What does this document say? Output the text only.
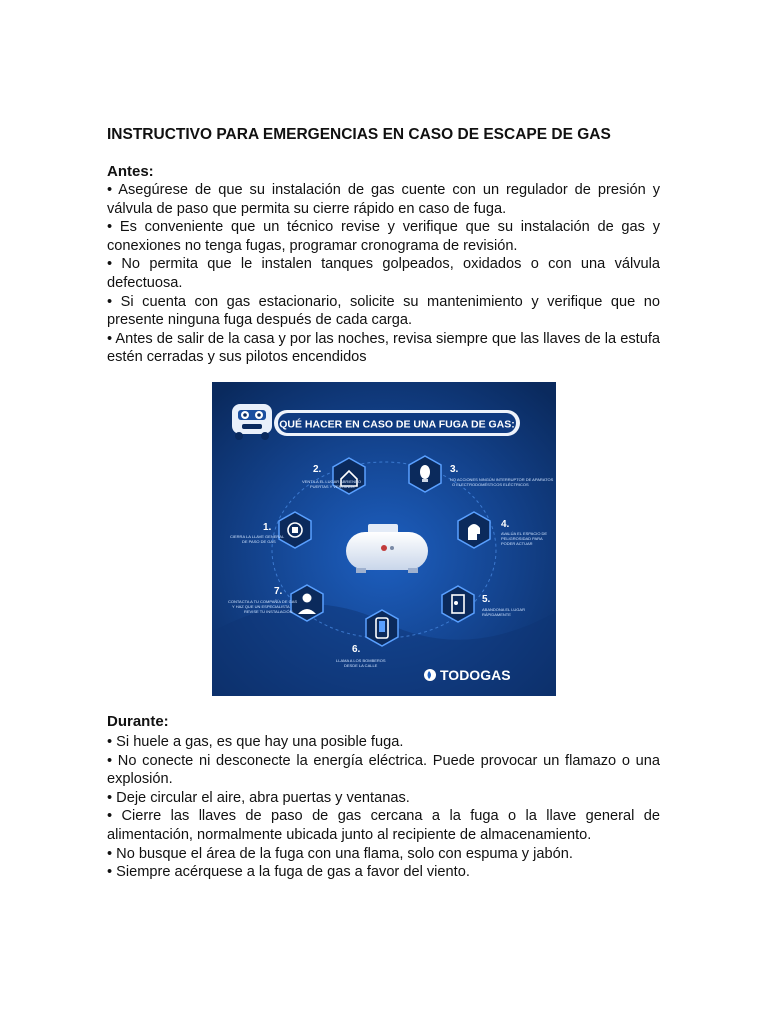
INSTRUCTIVO PARA EMERGENCIAS EN CASO DE ESCAPE DE GAS
Antes:

• Asegúrese de que su instalación de gas cuente con un regulador de presión y válvula de paso que permita su cierre rápido en caso de fuga.

• Es conveniente que un técnico revise y verifique que su instalación de gas y conexiones no tenga fugas, programar cronograma de revisión.

• No permita que le instalen tanques golpeados, oxidados o con una válvula defectuosa.

• Si cuenta con gas estacionario, solicite su mantenimiento y verifique que no presente ninguna fuga después de cada carga.

• Antes de salir de la casa y por las noches, revisa siempre que las llaves de la estufa estén cerradas y sus pilotos encendidos

QUÉ HACER EN CASO DE UNA FUGA DE GAS:
2.
VENTILA EL LUGAR ABRIENDO
PUERTAS Y VENTANAS
3.
NO ACCIONES NINGÚN INTERRUPTOR DE APARATOS
O ELECTRODOMÉSTICOS ELÉCTRICOS
1.
CIERRA LA LLAVE GENERAL
DE PASO DE GAS
4.
AVALÚA EL ESPACIO DE
PELIGROSIDAD PARA
PODER ACTUAR
7.
CONTACTA A TU COMPAÑÍA DE GAS
Y HAZ QUE UN ESPECIALISTA
REVISE TU INSTALACIÓN
5.
ABANDONA EL LUGAR
RÁPIDAMENTE
6.
LLAMA A LOS BOMBEROS
DESDE LA CALLE
TODOGAS
Durante:

• Si huele a gas, es que hay una posible fuga.

• No conecte ni desconecte la energía eléctrica. Puede provocar un flamazo o una explosión.

• Deje circular el aire, abra puertas y ventanas.

• Cierre las llaves de paso de gas cercana a la fuga o la llave general de alimentación, normalmente ubicada junto al recipiente de almacenamiento.

• No busque el área de la fuga con una flama, solo con espuma y jabón.

• Siempre acérquese a la fuga de gas a favor del viento.
